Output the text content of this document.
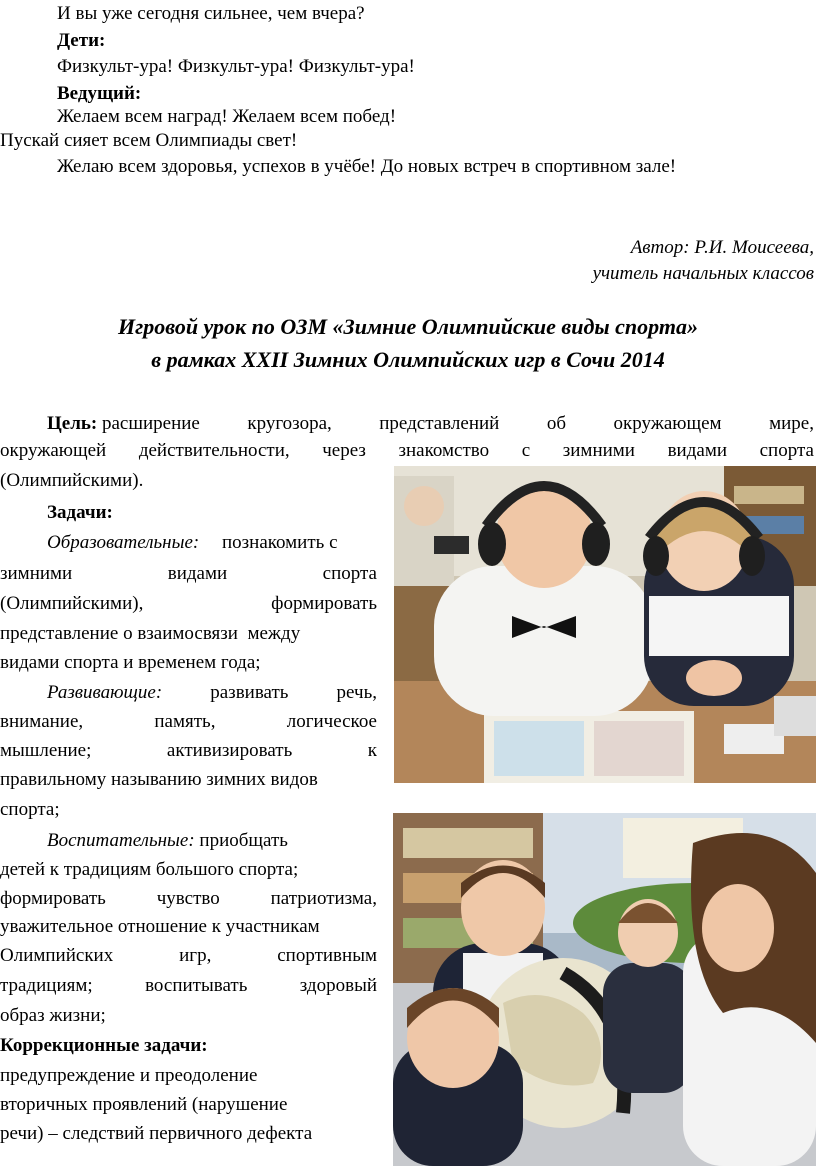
И вы уже сегодня сильнее, чем вчера?
Дети:
Физкульт-ура! Физкульт-ура! Физкульт-ура!
Ведущий:
Желаем всем наград! Желаем всем побед!
Пускай сияет всем Олимпиады свет!
Желаю всем здоровья, успехов в учёбе! До новых встреч в спортивном зале!
Автор: Р.И. Моисеева,
учитель начальных классов
Игровой урок по ОЗМ «Зимние Олимпийские виды спорта»
в рамках XXII Зимних Олимпийских игр в Сочи 2014
Цель: расширение	кругозора,	представлений	об	окружающем	мире,
окружающей действительности, через знакомство с зимними видами спорта
(Олимпийскими).
Задачи:
Образовательные: познакомить с
зимними	видами	спорта
(Олимпийскими),	формировать
представление о взаимосвязи  между
видами спорта и временем года;
Развивающие:	развивать	речь,
внимание,	память,	логическое
мышление;	активизировать	к
правильному называнию зимних видов
спорта;
Воспитательные: приобщать
детей к традициям большого спорта;
формировать	чувство	патриотизма,
уважительное отношение к участникам
Олимпийских	игр,	спортивным
традициям;	воспитывать	здоровый
образ жизни;
Коррекционные задачи:
предупреждение и преодоление
вторичных проявлений (нарушение
речи) – следствий первичного дефекта
